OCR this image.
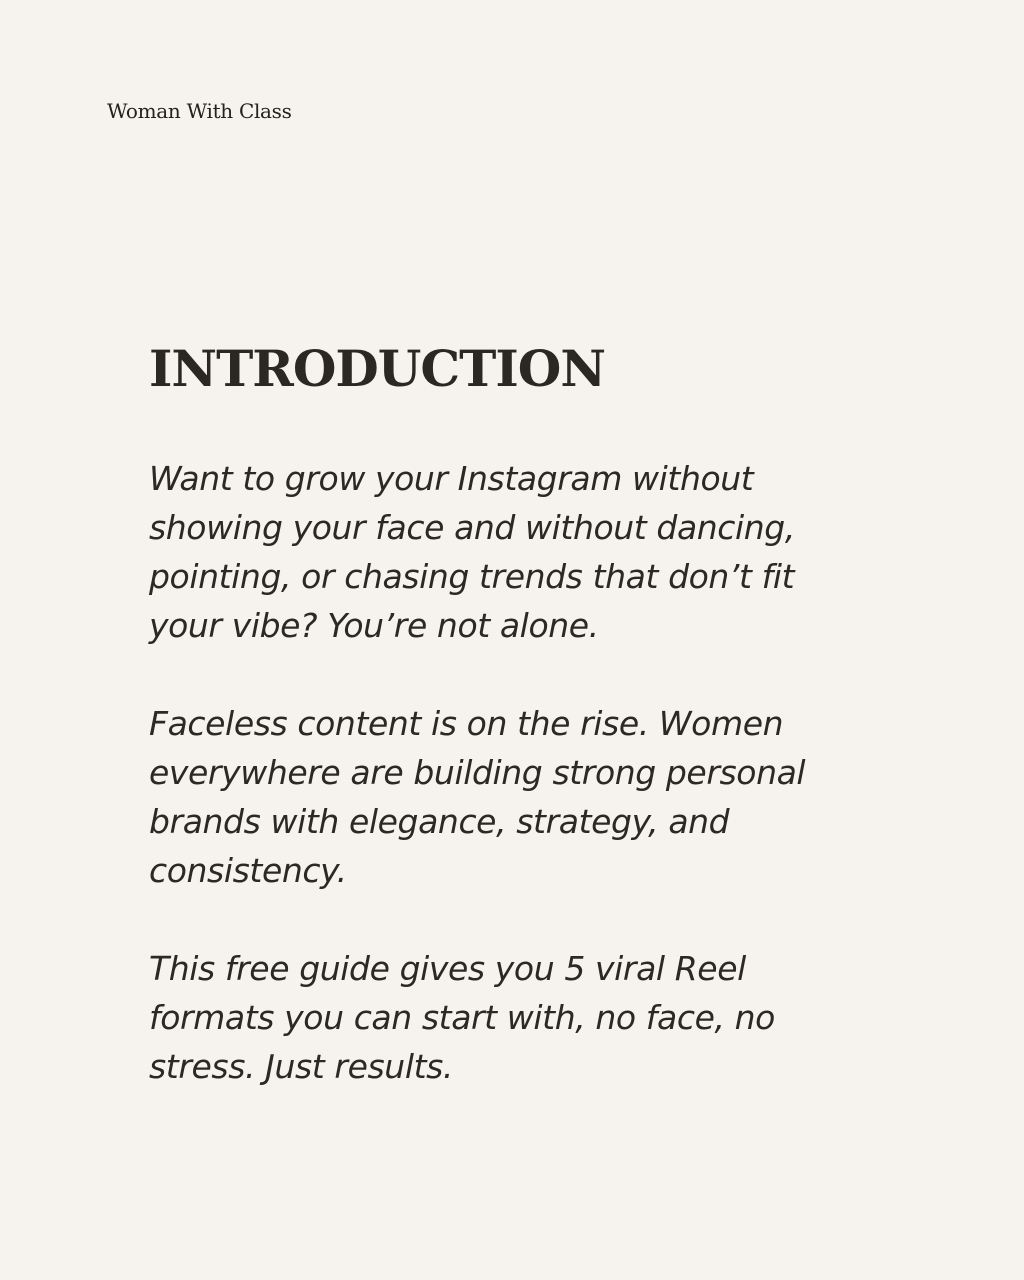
Woman With Class
INTRODUCTION

Want to grow your Instagram without showing your face and without dancing, pointing, or chasing trends that don’t fit your vibe? You’re not alone.

Faceless content is on the rise. Women everywhere are building strong personal brands with elegance, strategy, and consistency.

This free guide gives you 5 viral Reel formats you can start with, no face, no stress. Just results.
